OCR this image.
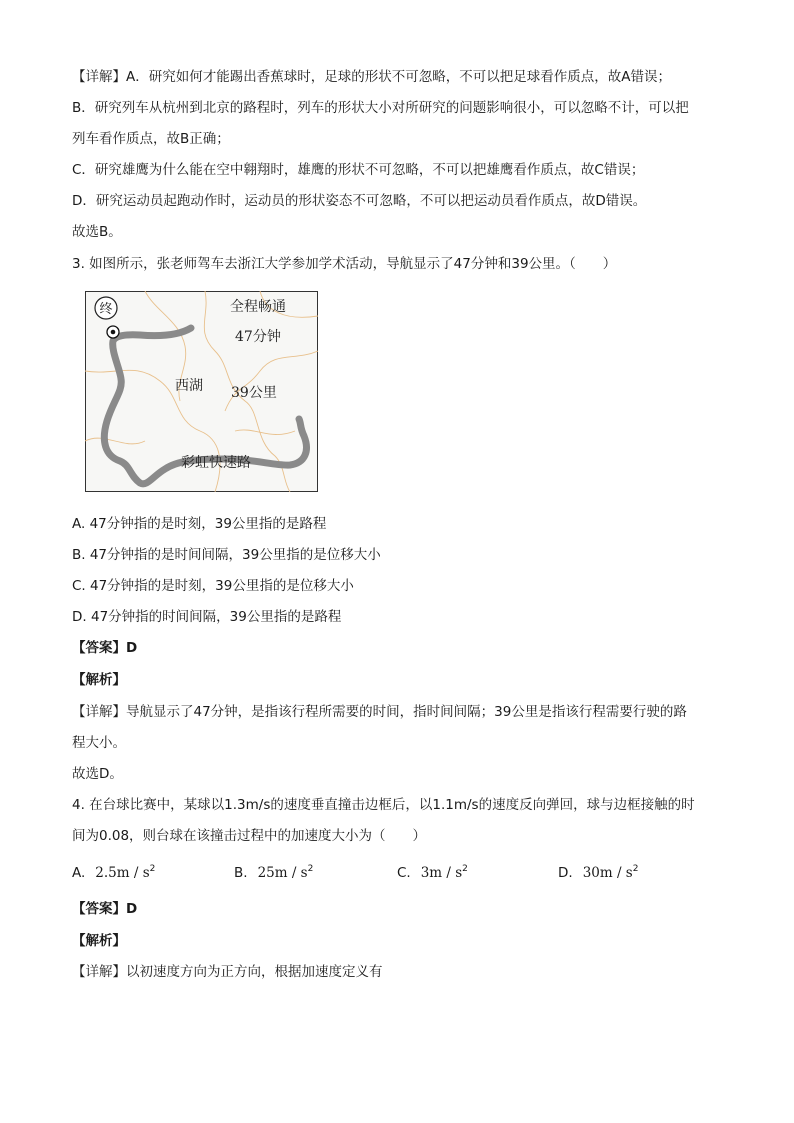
【详解】A．研究如何才能踢出香蕉球时，足球的形状不可忽略，不可以把足球看作质点，故A错误；
B．研究列车从杭州到北京的路程时，列车的形状大小对所研究的问题影响很小，可以忽略不计，可以把
列车看作质点，故B正确；
C．研究雄鹰为什么能在空中翱翔时，雄鹰的形状不可忽略，不可以把雄鹰看作质点，故C错误；
D．研究运动员起跑动作时，运动员的形状姿态不可忽略，不可以把运动员看作质点，故D错误。
故选B。
3. 如图所示，张老师驾车去浙江大学参加学术活动，导航显示了47分钟和39公里。（　　）
终	全程畅通
47分钟
西湖 39公里
彩虹快速路
A. 47分钟指的是时刻，39公里指的是路程
B. 47分钟指的是时间间隔，39公里指的是位移大小
C. 47分钟指的是时刻，39公里指的是位移大小
D. 47分钟指的时间间隔，39公里指的是路程
【答案】D
【解析】
【详解】导航显示了47分钟，是指该行程所需要的时间，指时间间隔；39公里是指该行程需要行驶的路
程大小。
故选D。
4. 在台球比赛中，某球以1.3m/s的速度垂直撞击边框后，以1.1m/s的速度反向弹回，球与边框接触的时
间为0.08，则台球在该撞击过程中的加速度大小为（　　）
A. $2.5m / s^2$	B. $25m / s^2$	C. $3m / s^2$	D. $30m / s^2$
【答案】D
【解析】
【详解】以初速度方向为正方向，根据加速度定义有
